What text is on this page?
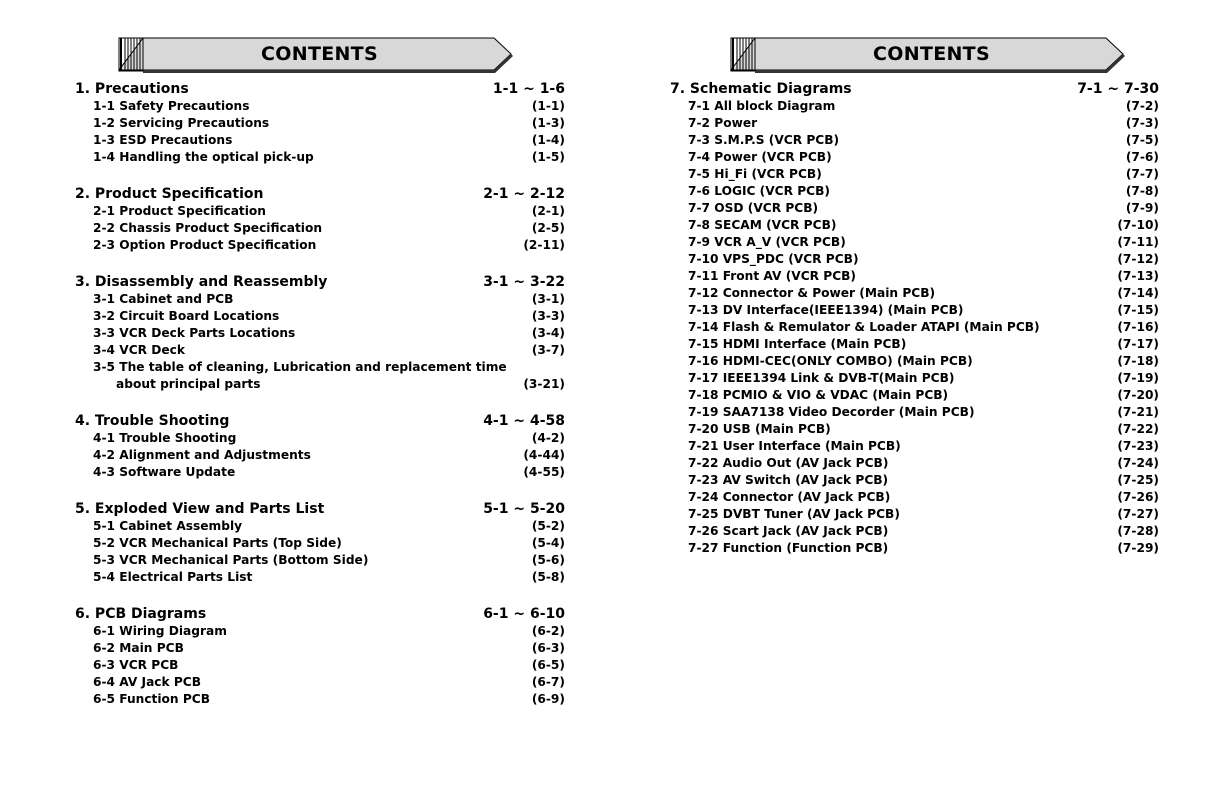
CONTENTS
1. Precautions	1-1 ~ 1-6
1-1 Safety Precautions	(1-1)
1-2 Servicing Precautions	(1-3)
1-3 ESD Precautions	(1-4)
1-4 Handling the optical pick-up	(1-5)
2. Product Specification	2-1 ~ 2-12
2-1 Product Specification	(2-1)
2-2 Chassis Product Specification	(2-5)
2-3 Option Product Specification	(2-11)
3. Disassembly and Reassembly	3-1 ~ 3-22
3-1 Cabinet and PCB	(3-1)
3-2 Circuit Board Locations	(3-3)
3-3 VCR Deck Parts Locations	(3-4)
3-4 VCR Deck	(3-7)
3-5 The table of cleaning, Lubrication and replacement time
about principal parts	(3-21)
4. Trouble Shooting	4-1 ~ 4-58
4-1 Trouble Shooting	(4-2)
4-2 Alignment and Adjustments	(4-44)
4-3 Software Update	(4-55)
5. Exploded View and Parts List	5-1 ~ 5-20
5-1 Cabinet Assembly	(5-2)
5-2 VCR Mechanical Parts (Top Side)	(5-4)
5-3 VCR Mechanical Parts (Bottom Side)	(5-6)
5-4 Electrical Parts List	(5-8)
6. PCB Diagrams	6-1 ~ 6-10
6-1 Wiring Diagram	(6-2)
6-2 Main PCB	(6-3)
6-3 VCR PCB	(6-5)
6-4 AV Jack PCB	(6-7)
6-5 Function PCB	(6-9)
CONTENTS
7. Schematic Diagrams	7-1 ~ 7-30
7-1 All block Diagram	(7-2)
7-2 Power	(7-3)
7-3 S.M.P.S (VCR PCB)	(7-5)
7-4 Power (VCR PCB)	(7-6)
7-5 Hi_Fi (VCR PCB)	(7-7)
7-6 LOGIC (VCR PCB)	(7-8)
7-7 OSD (VCR PCB)	(7-9)
7-8 SECAM (VCR PCB)	(7-10)
7-9 VCR A_V (VCR PCB)	(7-11)
7-10 VPS_PDC (VCR PCB)	(7-12)
7-11 Front AV (VCR PCB)	(7-13)
7-12 Connector & Power (Main PCB)	(7-14)
7-13 DV Interface(IEEE1394) (Main PCB)	(7-15)
7-14 Flash & Remulator & Loader ATAPI (Main PCB)	(7-16)
7-15 HDMI Interface (Main PCB)	(7-17)
7-16 HDMI-CEC(ONLY COMBO) (Main PCB)	(7-18)
7-17 IEEE1394 Link & DVB-T(Main PCB)	(7-19)
7-18 PCMIO & VIO & VDAC (Main PCB)	(7-20)
7-19 SAA7138 Video Decorder (Main PCB)	(7-21)
7-20 USB (Main PCB)	(7-22)
7-21 User Interface (Main PCB)	(7-23)
7-22 Audio Out (AV Jack PCB)	(7-24)
7-23 AV Switch (AV Jack PCB)	(7-25)
7-24 Connector (AV Jack PCB)	(7-26)
7-25 DVBT Tuner (AV Jack PCB)	(7-27)
7-26 Scart Jack (AV Jack PCB)	(7-28)
7-27 Function (Function PCB)	(7-29)
